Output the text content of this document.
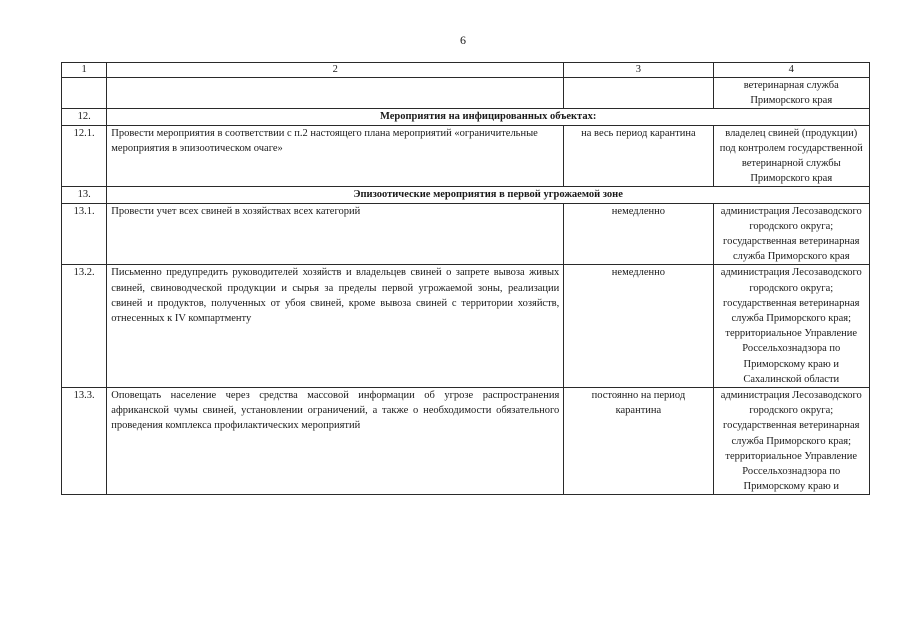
6
1	2	3	4
			ветеринарная служба Приморского края
12.	Мероприятия на инфицированных объектах:		
12.1.	Провести мероприятия в соответствии с п.2 настоящего плана мероприятий «ограничительные мероприятия в эпизоотическом очаге»	на весь период карантина	владелец свиней (продукции) под контролем государственной ветеринарной службы Приморского края
13.	Эпизоотические мероприятия в первой угрожаемой зоне		
13.1.	Провести учет всех свиней в хозяйствах всех категорий	немедленно	администрация Лесозаводского городского округа; государственная ветеринарная служба Приморского края
13.2.	Письменно предупредить руководителей хозяйств и владельцев свиней о запрете вывоза живых свиней, свиноводческой продукции и сырья за пределы первой угрожаемой зоны, реализации свиней и продуктов, полученных от убоя свиней, кроме вывоза свиней с территории хозяйств, отнесенных к IV компартменту	немедленно	администрация Лесозаводского городского округа; государственная ветеринарная служба Приморского края; территориальное Управление Россельхознадзора по Приморскому краю и Сахалинской области
13.3.	Оповещать население через средства массовой информации об угрозе распространения африканской чумы свиней, установлении ограничений, а также о необходимости обязательного проведения комплекса профилактических мероприятий	постоянно на период карантина	администрация Лесозаводского городского округа; государственная ветеринарная служба Приморского края; территориальное Управление Россельхознадзора по Приморскому краю и
